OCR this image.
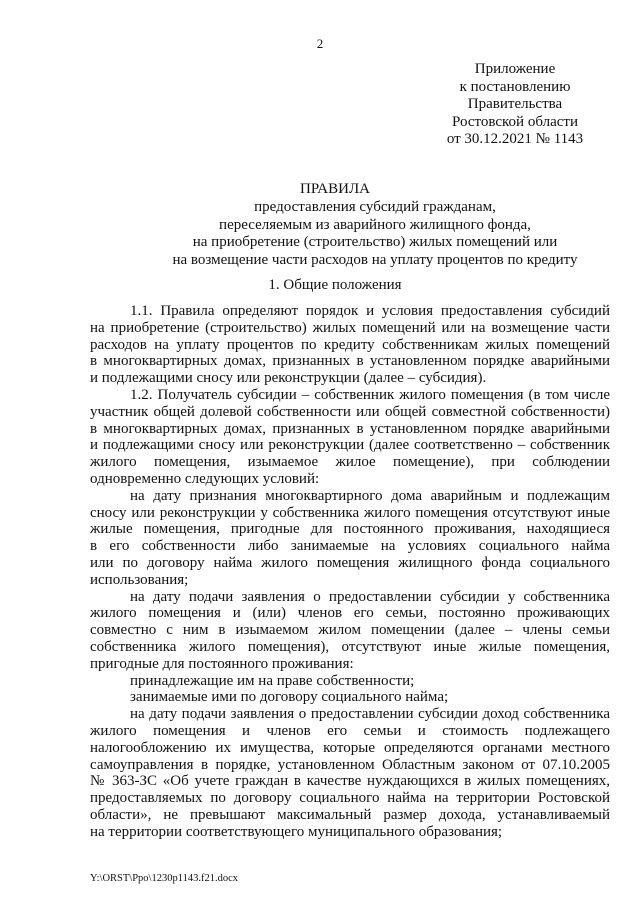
2
Приложение
к постановлению
Правительства
Ростовской области
от 30.12.2021 № 1143
ПРАВИЛА
предоставления субсидий гражданам,
переселяемым из аварийного жилищного фонда,
на приобретение (строительство) жилых помещений или
на возмещение части расходов на уплату процентов по кредиту
1. Общие положения
1.1. Правила определяют порядок и условия предоставления субсидий
на приобретение (строительство) жилых помещений или на возмещение части
расходов на уплату процентов по кредиту собственникам жилых помещений
в многоквартирных домах, признанных в установленном порядке аварийными
и подлежащими сносу или реконструкции (далее – субсидия).
1.2. Получатель субсидии – собственник жилого помещения (в том числе
участник общей долевой собственности или общей совместной собственности)
в многоквартирных домах, признанных в установленном порядке аварийными
и подлежащими сносу или реконструкции (далее соответственно – собственник
жилого помещения, изымаемое жилое помещение), при соблюдении
одновременно следующих условий:
на дату признания многоквартирного дома аварийным и подлежащим
сносу или реконструкции у собственника жилого помещения отсутствуют иные
жилые помещения, пригодные для постоянного проживания, находящиеся
в его собственности либо занимаемые на условиях социального найма
или по договору найма жилого помещения жилищного фонда социального
использования;
на дату подачи заявления о предоставлении субсидии у собственника
жилого помещения и (или) членов его семьи, постоянно проживающих
совместно с ним в изымаемом жилом помещении (далее – члены семьи
собственника жилого помещения), отсутствуют иные жилые помещения,
пригодные для постоянного проживания:
принадлежащие им на праве собственности;
занимаемые ими по договору социального найма;
на дату подачи заявления о предоставлении субсидии доход собственника
жилого помещения и членов его семьи и стоимость подлежащего
налогообложению их имущества, которые определяются органами местного
самоуправления в порядке, установленном Областным законом от 07.10.2005
№ 363-ЗС «Об учете граждан в качестве нуждающихся в жилых помещениях,
предоставляемых по договору социального найма на территории Ростовской
области», не превышают максимальный размер дохода, устанавливаемый
на территории соответствующего муниципального образования;
Y:\ORST\Ppo\1230p1143.f21.docx
